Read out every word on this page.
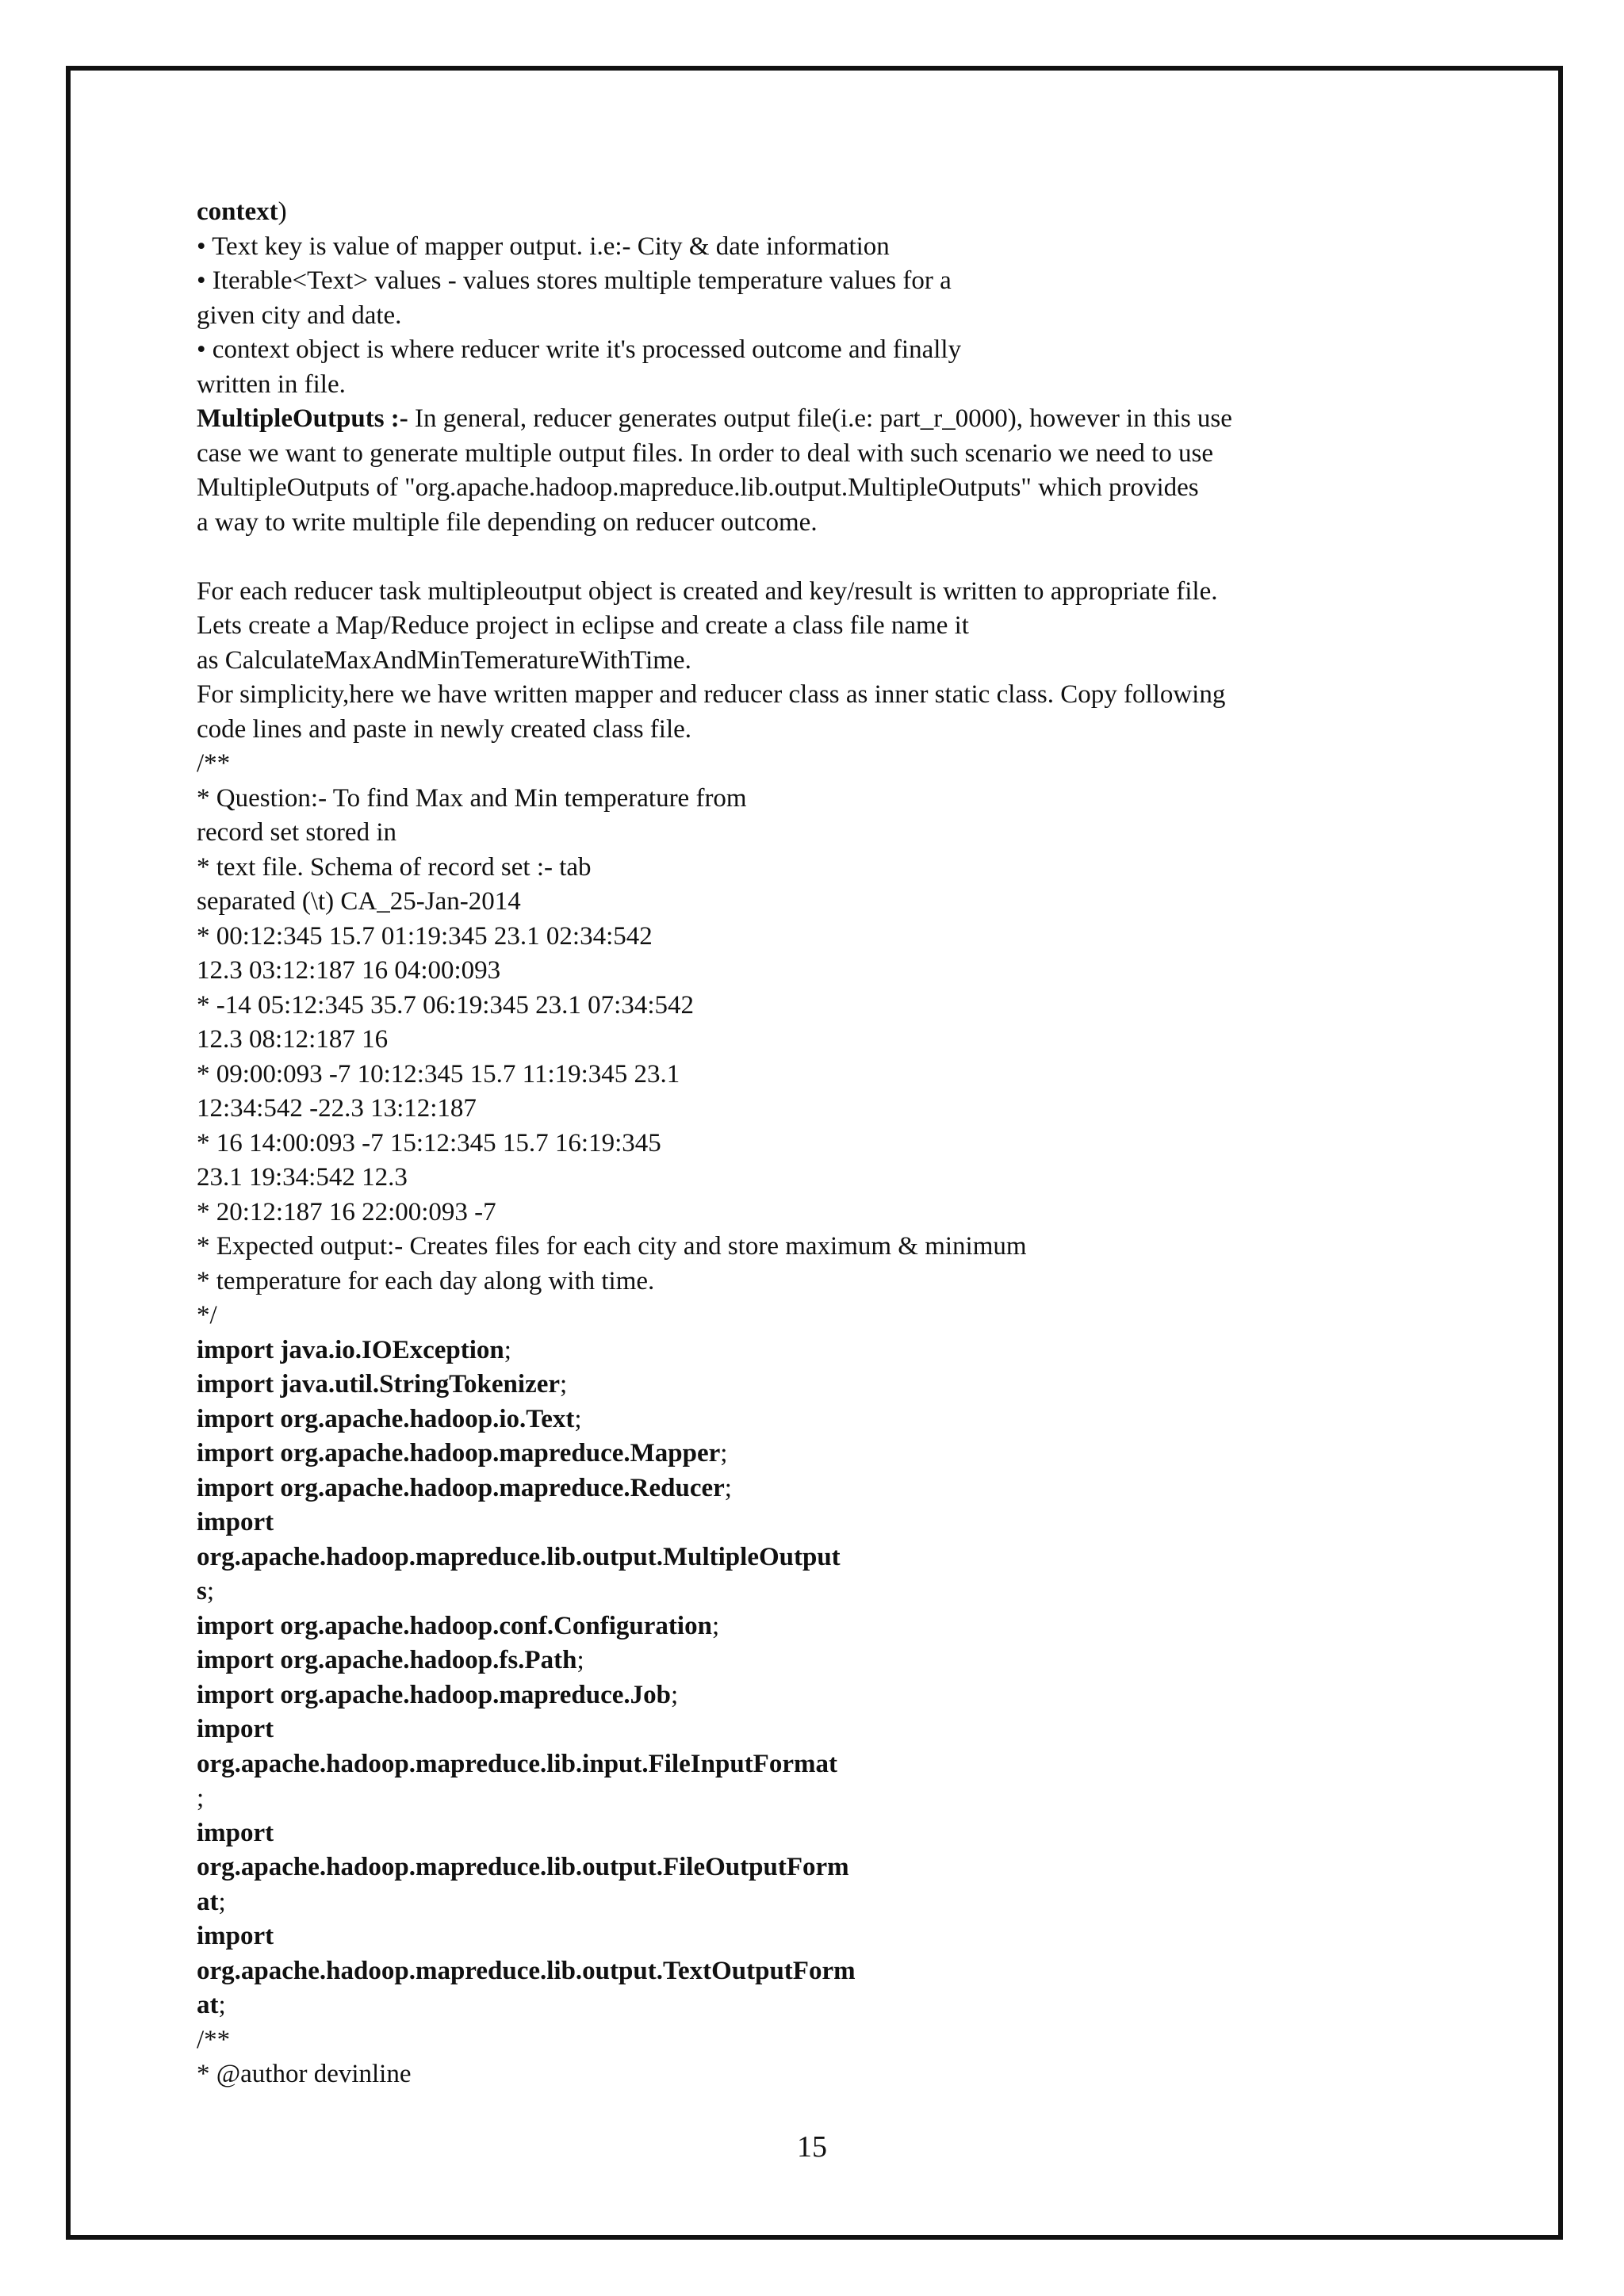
context)
• Text key is value of mapper output. i.e:- City & date information
• Iterable<Text> values - values stores multiple temperature values for a
given city and date.
• context object is where reducer write it's processed outcome and finally
written in file.
MultipleOutputs :- In general, reducer generates output file(i.e: part_r_0000), however in this use
case we want to generate multiple output files. In order to deal with such scenario we need to use
MultipleOutputs of "org.apache.hadoop.mapreduce.lib.output.MultipleOutputs" which provides
a way to write multiple file depending on reducer outcome.
For each reducer task multipleoutput object is created and key/result is written to appropriate file.
Lets create a Map/Reduce project in eclipse and create a class file name it
as CalculateMaxAndMinTemeratureWithTime.
For simplicity,here we have written mapper and reducer class as inner static class. Copy following
code lines and paste in newly created class file.
/**
* Question:- To find Max and Min temperature from
record set stored in
* text file. Schema of record set :- tab
separated (\t) CA_25-Jan-2014
* 00:12:345 15.7 01:19:345 23.1 02:34:542
12.3 03:12:187 16 04:00:093
* -14 05:12:345 35.7 06:19:345 23.1 07:34:542
12.3 08:12:187 16
* 09:00:093 -7 10:12:345 15.7 11:19:345 23.1
12:34:542 -22.3 13:12:187
* 16 14:00:093 -7 15:12:345 15.7 16:19:345
23.1 19:34:542 12.3
* 20:12:187 16 22:00:093 -7
* Expected output:- Creates files for each city and store maximum & minimum
* temperature for each day along with time.
*/
import java.io.IOException;
import java.util.StringTokenizer;
import org.apache.hadoop.io.Text;
import org.apache.hadoop.mapreduce.Mapper;
import org.apache.hadoop.mapreduce.Reducer;
import
org.apache.hadoop.mapreduce.lib.output.MultipleOutput
s;
import org.apache.hadoop.conf.Configuration;
import org.apache.hadoop.fs.Path;
import org.apache.hadoop.mapreduce.Job;
import
org.apache.hadoop.mapreduce.lib.input.FileInputFormat
;
import
org.apache.hadoop.mapreduce.lib.output.FileOutputForm
at;
import
org.apache.hadoop.mapreduce.lib.output.TextOutputForm
at;
/**
* @author devinline
15
